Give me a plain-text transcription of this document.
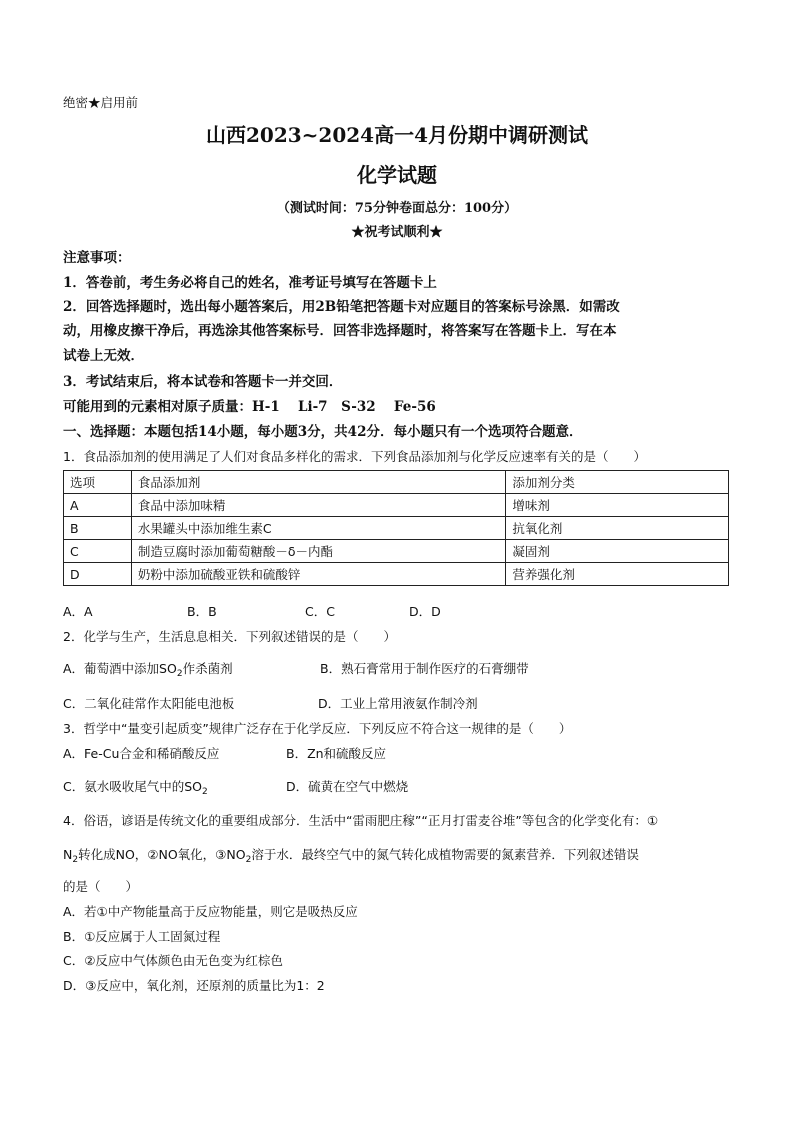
绝密★启用前
山西2023~2024高一4月份期中调研测试
化学试题
（测试时间：75分钟卷面总分：100分）
★祝考试顺利★
注意事项：
1．答卷前，考生务必将自己的姓名，准考证号填写在答题卡上
2．回答选择题时，选出每小题答案后，用2B铅笔把答题卡对应题目的答案标号涂黑．如需改
动，用橡皮擦干净后，再选涂其他答案标号．回答非选择题时，将答案写在答题卡上．写在本
试卷上无效．
3．考试结束后，将本试卷和答题卡一并交回．
可能用到的元素相对原子质量：H-1　 Li-7　S-32　 Fe-56
一、选择题：本题包括14小题，每小题3分，共42分．每小题只有一个选项符合题意．
1．食品添加剂的使用满足了人们对食品多样化的需求．下列食品添加剂与化学反应速率有关的是（　　）
选项	食品添加剂	添加剂分类
A	食品中添加味精	增味剂
B	水果罐头中添加维生素C	抗氧化剂
C	制造豆腐时添加葡萄糖酸－δ－内酯	凝固剂
D	奶粉中添加硫酸亚铁和硫酸锌	营养强化剂
A．A	B．B	C．C	D．D
2．化学与生产，生活息息相关．下列叙述错误的是（　　）
A．葡萄酒中添加$SO_2$作杀菌剂	B．熟石膏常用于制作医疗的石膏绷带
C．二氧化硅常作太阳能电池板	D．工业上常用液氨作制冷剂
3．哲学中“量变引起质变”规律广泛存在于化学反应．下列反应不符合这一规律的是（　　）
A．Fe-Cu合金和稀硝酸反应	B．Zn和硫酸反应
C．氨水吸收尾气中的$SO_2$	D．硫黄在空气中燃烧
4．俗语，谚语是传统文化的重要组成部分．生活中“雷雨肥庄稼”“正月打雷麦谷堆”等包含的化学变化有：①
$N_2$转化成NO，②NO氧化，$③NO_2$溶于水．最终空气中的氮气转化成植物需要的氮素营养．下列叙述错误
的是（　　）
A．若①中产物能量高于反应物能量，则它是吸热反应
B．①反应属于人工固氮过程
C．②反应中气体颜色由无色变为红棕色
D．③反应中，氧化剂，还原剂的质量比为1：2
